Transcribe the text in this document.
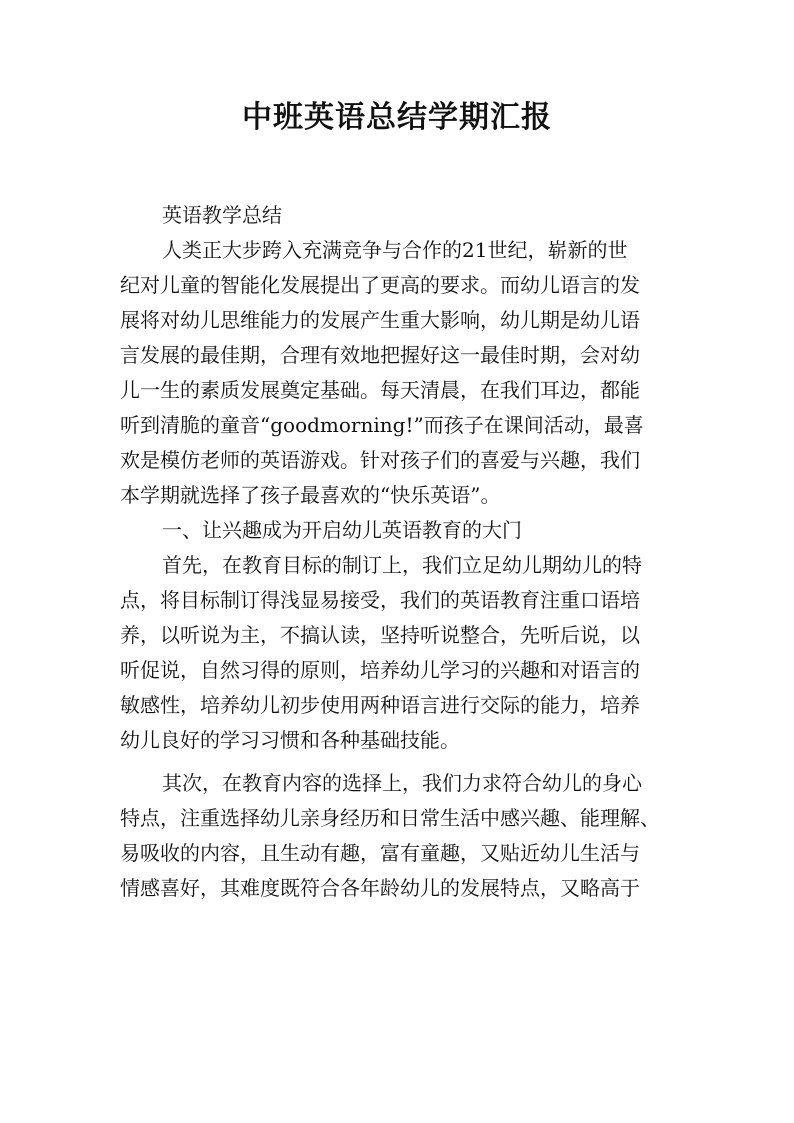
中班英语总结学期汇报
英语教学总结
人类正大步跨入充满竞争与合作的21世纪，崭新的世
纪对儿童的智能化发展提出了更高的要求。而幼儿语言的发
展将对幼儿思维能力的发展产生重大影响，幼儿期是幼儿语
言发展的最佳期，合理有效地把握好这一最佳时期，会对幼
儿一生的素质发展奠定基础。每天清晨，在我们耳边，都能
听到清脆的童音“goodmorning!”而孩子在课间活动，最喜
欢是模仿老师的英语游戏。针对孩子们的喜爱与兴趣，我们
本学期就选择了孩子最喜欢的“快乐英语”。
一、让兴趣成为开启幼儿英语教育的大门
首先，在教育目标的制订上，我们立足幼儿期幼儿的特
点，将目标制订得浅显易接受，我们的英语教育注重口语培
养，以听说为主，不搞认读，坚持听说整合，先听后说，以
听促说，自然习得的原则，培养幼儿学习的兴趣和对语言的
敏感性，培养幼儿初步使用两种语言进行交际的能力，培养
幼儿良好的学习习惯和各种基础技能。
其次，在教育内容的选择上，我们力求符合幼儿的身心
特点，注重选择幼儿亲身经历和日常生活中感兴趣、能理解、
易吸收的内容，且生动有趣，富有童趣，又贴近幼儿生活与
情感喜好，其难度既符合各年龄幼儿的发展特点，又略高于
